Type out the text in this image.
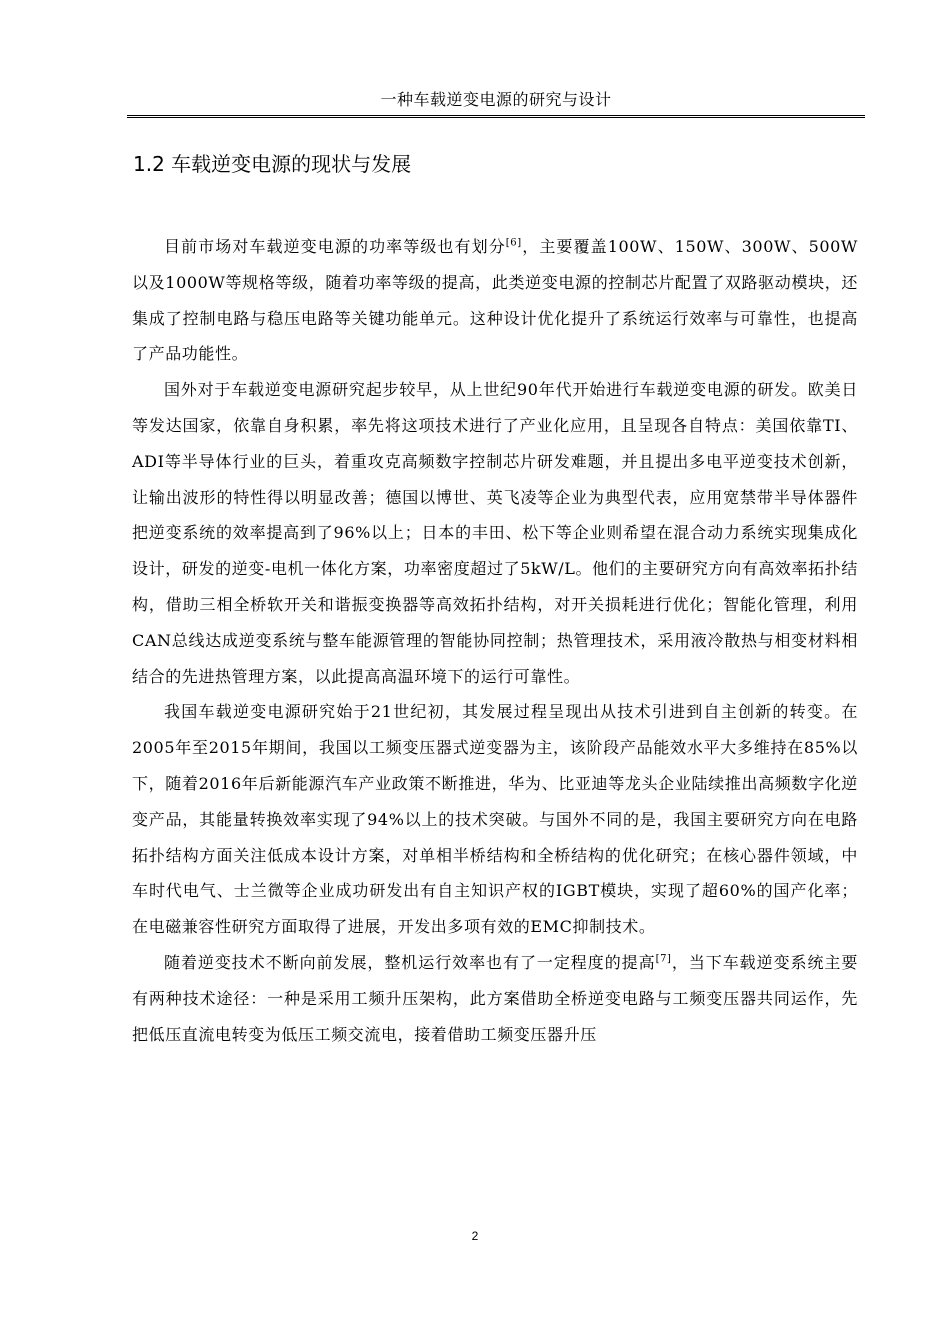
一种车载逆变电源的研究与设计
1.2 车载逆变电源的现状与发展

目前市场对车载逆变电源的功率等级也有划分[6]，主要覆盖100W、150W、300W、500W以及1000W等规格等级，随着功率等级的提高，此类逆变电源的控制芯片配置了双路驱动模块，还集成了控制电路与稳压电路等关键功能单元。这种设计优化提升了系统运行效率与可靠性，也提高了产品功能性。

国外对于车载逆变电源研究起步较早，从上世纪90年代开始进行车载逆变电源的研发。欧美日等发达国家，依靠自身积累，率先将这项技术进行了产业化应用，且呈现各自特点：美国依靠TI、ADI等半导体行业的巨头，着重攻克高频数字控制芯片研发难题，并且提出多电平逆变技术创新，让输出波形的特性得以明显改善；德国以博世、英飞凌等企业为典型代表，应用宽禁带半导体器件把逆变系统的效率提高到了96%以上；日本的丰田、松下等企业则希望在混合动力系统实现集成化设计，研发的逆变-电机一体化方案，功率密度超过了5kW/L。他们的主要研究方向有高效率拓扑结构，借助三相全桥软开关和谐振变换器等高效拓扑结构，对开关损耗进行优化；智能化管理，利用CAN总线达成逆变系统与整车能源管理的智能协同控制；热管理技术，采用液冷散热与相变材料相结合的先进热管理方案，以此提高高温环境下的运行可靠性。

我国车载逆变电源研究始于21世纪初，其发展过程呈现出从技术引进到自主创新的转变。在2005年至2015年期间，我国以工频变压器式逆变器为主，该阶段产品能效水平大多维持在85%以下，随着2016年后新能源汽车产业政策不断推进，华为、比亚迪等龙头企业陆续推出高频数字化逆变产品，其能量转换效率实现了94%以上的技术突破。与国外不同的是，我国主要研究方向在电路拓扑结构方面关注低成本设计方案，对单相半桥结构和全桥结构的优化研究；在核心器件领域，中车时代电气、士兰微等企业成功研发出有自主知识产权的IGBT模块，实现了超60%的国产化率；在电磁兼容性研究方面取得了进展，开发出多项有效的EMC抑制技术。

随着逆变技术不断向前发展，整机运行效率也有了一定程度的提高[7]，当下车载逆变系统主要有两种技术途径：一种是采用工频升压架构，此方案借助全桥逆变电路与工频变压器共同运作，先把低压直流电转变为低压工频交流电，接着借助工频变压器升压

2
